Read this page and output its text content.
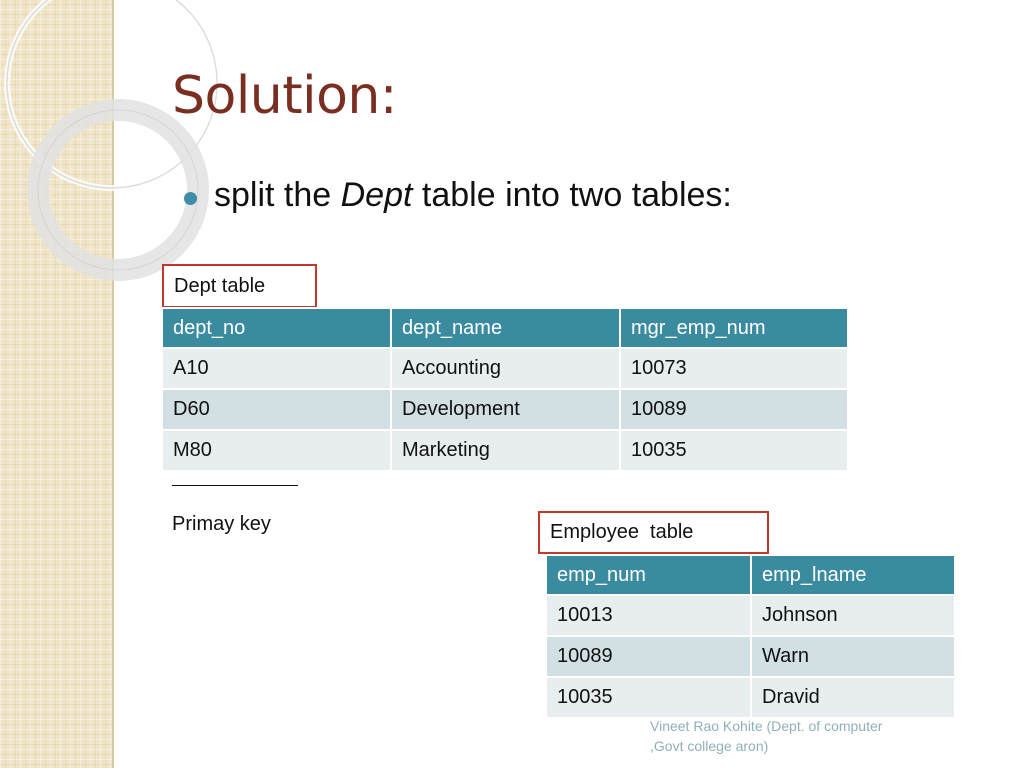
Solution:
split the Dept table into two tables:
Dept table
dept_no	dept_name	mgr_emp_num
A10	Accounting	10073
D60	Development	10089
M80	Marketing	10035
Primay key	Employee  table
emp_num	emp_lname
10013	Johnson
10089	Warn
10035	Dravid
Vineet Rao Kohite (Dept. of computer
,Govt college aron)
